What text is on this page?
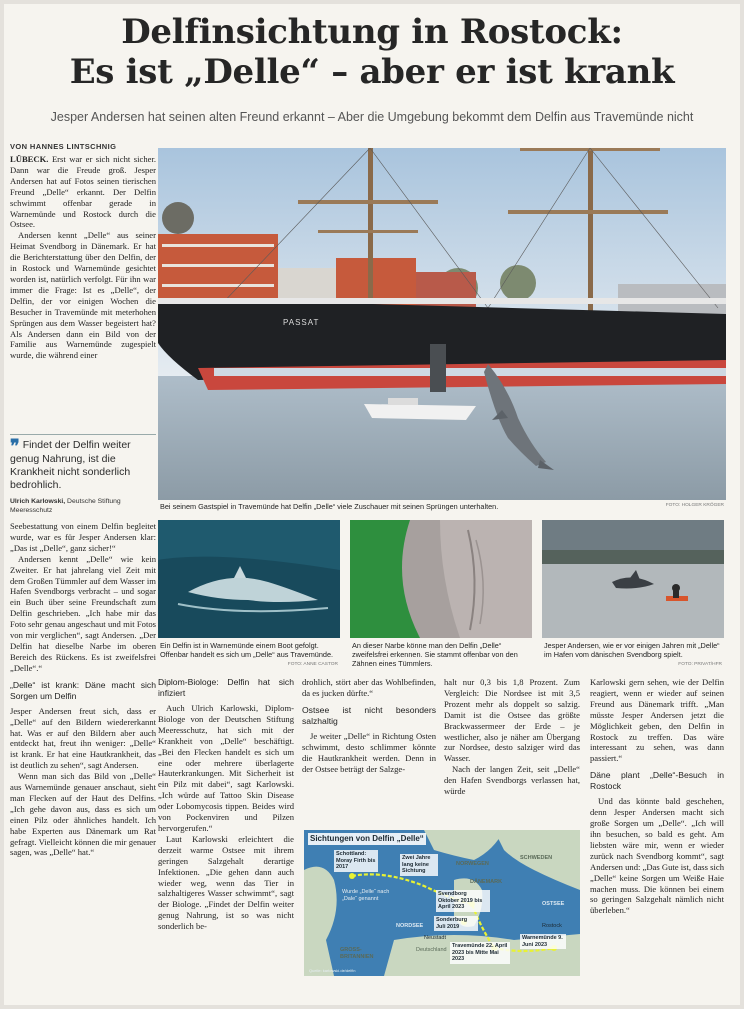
Delfinsichtung in Rostock:
Es ist „Delle“ – aber er ist krank
Jesper Andersen hat seinen alten Freund erkannt – Aber die Umgebung bekommt dem Delfin aus Travemünde nicht
VON HANNES LINTSCHNIG

LÜBECK. Erst war er sich nicht sicher. Dann war die Freude groß. Jesper Andersen hat auf Fotos seinen tierischen Freund „Delle“ erkannt. Der Delfin schwimmt offenbar gerade in Warnemünde und Rostock durch die Ostsee.

Andersen kennt „Delle“ aus seiner Heimat Svendborg in Dänemark. Er hat die Berichterstattung über den Delfin, der in Rostock und Warnemünde gesichtet worden ist, natürlich verfolgt. Für ihn war immer die Frage: Ist es „Delle“, der Delfin, der vor einigen Wochen die Besucher in Travemünde mit meterhohen Sprüngen aus dem Wasser begeistert hat? Als Andersen dann ein Bild von der Familie aus Warnemünde zugespielt wurde, die während einer

❞ Findet der Delfin weiter genug Nahrung, ist die Krankheit nicht sonderlich bedrohlich.
Ulrich Karlowski, Deutsche Stiftung Meeresschutz
PASSAT
Bei seinem Gastspiel in Travemünde hat Delfin „Delle“ viele Zuschauer mit seinen Sprüngen unterhalten.	FOTO: HOLGER KRÖGER

Seebestattung von einem Delfin begleitet wurde, war es für Jesper Andersen klar: „Das ist „Delle“, ganz sicher!“

Andersen kennt „Delle“ wie kein Zweiter. Er hat jahrelang viel Zeit mit dem Großen Tümmler auf dem Wasser im Hafen Svendborgs verbracht – und sogar ein Buch über seine Freundschaft zum Delfin geschrieben. „Ich habe mir das Foto sehr genau angeschaut und mit Fotos von mir verglichen“, sagt Andersen. „Der Delfin hat dieselbe Narbe im oberen Bereich des Rückens. Es ist zweifelsfrei „Delle“.“

„Delle“ ist krank: Däne macht sich Sorgen um Delfin

Jesper Andersen freut sich, dass er „Delle“ auf den Bildern wiedererkannt hat. Was er auf den Bildern aber auch entdeckt hat, freut ihn weniger: „Delle“ ist krank. Er hat eine Hautkrankheit, das ist deutlich zu sehen“, sagt Andersen.

Wenn man sich das Bild von „Delle“ aus Warnemünde genauer anschaut, sieht man Flecken auf der Haut des Delfins. „Ich gehe davon aus, dass es sich um einen Pilz oder ähnliches handelt. Ich habe Experten aus Dänemark um Rat gefragt. Vielleicht können die mir genauer sagen, was „Delle“ hat.“

Ein Delfin ist in Warnemünde einem Boot gefolgt. Offenbar handelt es sich um „Delle“ aus Travemünde.
FOTO: ANNE CASTOR
An dieser Narbe könne man den Delfin „Delle“ zweifelsfrei erkennen. Sie stammt offenbar von den Zähnen eines Tümmlers.
Jesper Andersen, wie er vor einigen Jahren mit „Delle“ im Hafen vom dänischen Svendborg spielt.
FOTO: PRIVAT/HFR
Diplom-Biologe: Delfin hat sich infiziert

Auch Ulrich Karlowski, Diplom-Biologe von der Deutschen Stiftung Meeresschutz, hat sich mit der Krankheit von „Delle“ beschäftigt. „Bei den Flecken handelt es sich um eine oder mehrere überlagerte Hauterkrankungen. Mit Sicherheit ist ein Pilz mit dabei“, sagt Karlowski. „Ich würde auf Tattoo Skin Disease oder Lobomycosis tippen. Beides wird von Pockenviren und Pilzen hervorgerufen.“

Laut Karlowski erleichtert die derzeit warme Ostsee mit ihrem geringen Salzgehalt derartige Infektionen. „Die gehen dann auch wieder weg, wenn das Tier in salzhaltigeres Wasser schwimmt“, sagt der Biologe. „Findet der Delfin weiter genug Nahrung, ist so was nicht sonderlich be-

drohlich, stört aber das Wohlbefinden, da es jucken dürfte.“

Ostsee ist nicht besonders salzhaltig

Je weiter „Delle“ in Richtung Osten schwimmt, desto schlimmer könnte die Hautkrankheit werden. Denn in der Ostsee beträgt der Salzge-

halt nur 0,3 bis 1,8 Prozent. Zum Vergleich: Die Nordsee ist mit 3,5 Prozent mehr als doppelt so salzig. Damit ist die Ostsee das größte Brackwassermeer der Erde – je westlicher, also je näher am Übergang zur Nordsee, desto salziger wird das Wasser.

Nach der langen Zeit, seit „Delle“ den Hafen Svendborgs verlassen hat, würde

Karlowski gern sehen, wie der Delfin reagiert, wenn er wieder auf seinen Freund aus Dänemark trifft. „Man müsste Jesper Andersen jetzt die Möglichkeit geben, den Delfin in Rostock zu treffen. Das wäre interessant zu sehen, was dann passiert.“

Däne plant „Delle“-Besuch in Rostock

Und das könnte bald geschehen, denn Jesper Andersen macht sich große Sorgen um „Delle“. „Ich will ihn besuchen, so bald es geht. Am liebsten wäre mir, wenn er wieder zurück nach Svendborg kommt“, sagt Andersen und: „Das Gute ist, dass sich „Delle“ keine Sorgen um Weiße Haie machen muss. Die können bei einem so geringen Salzgehalt nämlich nicht überleben.“

Sichtungen von Delfin „Delle“
NORWEGEN
SCHWEDEN
DÄNEMARK
NORDSEE
OSTSEE
GROSS-BRITANNIEN
Deutschland
Schottland: Moray Firth bis 2017
Zwei Jahre lang keine Sichtung
Wurde „Delle“ nach „Dale“ genannt
Svendborg Oktober 2019 bis April 2023
Sonderburg Juli 2019
Travemünde 22. April 2023 bis Mitte Mai 2023
Warnemünde 9. Juni 2023
Neustadt
Rostock
Quelle: karlowski.de/delfin
